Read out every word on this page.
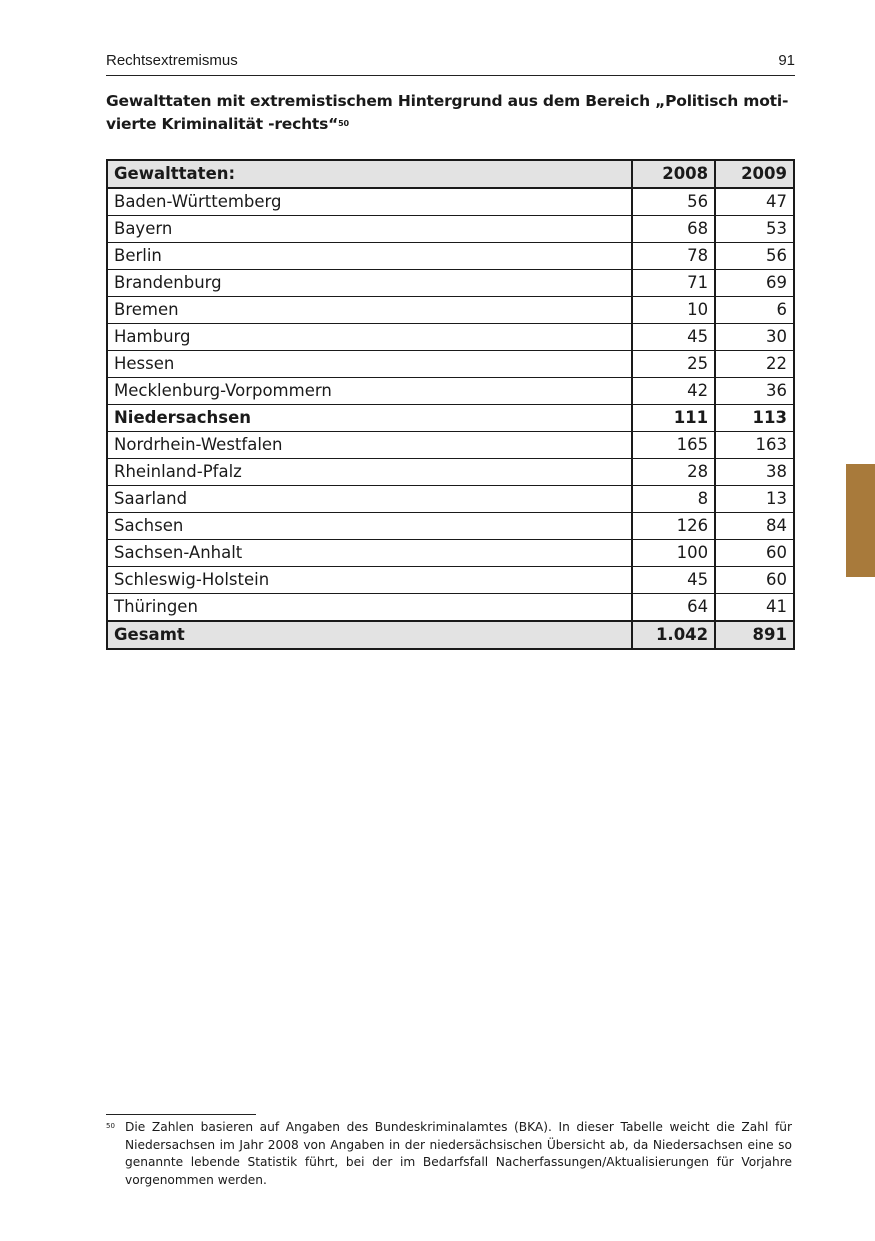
Rechtsextremismus	91
Gewalttaten mit extremistischem Hintergrund aus dem Bereich „Politisch moti-vierte Kriminalität -rechts“$^{50}$
Gewalttaten:	2008	2009
Baden-Württemberg	56	47
Bayern	68	53
Berlin	78	56
Brandenburg	71	69
Bremen	10	6
Hamburg	45	30
Hessen	25	22
Mecklenburg-Vorpommern	42	36
Niedersachsen	111	113
Nordrhein-Westfalen	165	163
Rheinland-Pfalz	28	38
Saarland	8	13
Sachsen	126	84
Sachsen-Anhalt	100	60
Schleswig-Holstein	45	60
Thüringen	64	41
Gesamt	1.042	891
50 Die Zahlen basieren auf Angaben des Bundeskriminalamtes (BKA). In dieser Tabelle weicht die Zahl für Niedersachsen im Jahr 2008 von Angaben in der niedersächsischen Übersicht ab, da Niedersachsen eine so genannte lebende Statistik führt, bei der im Bedarfsfall Nacherfassungen/Aktualisierungen für Vorjahre vorgenommen werden.
